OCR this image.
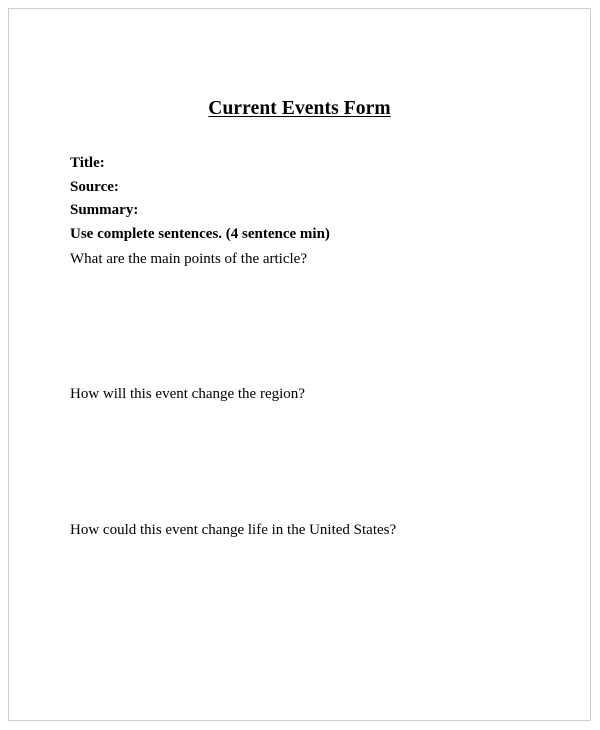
Current Events Form
Title:
Source:
Summary:
Use complete sentences. (4 sentence min)
What are the main points of the article?
How will this event change the region?
How could this event change life in the United States?
